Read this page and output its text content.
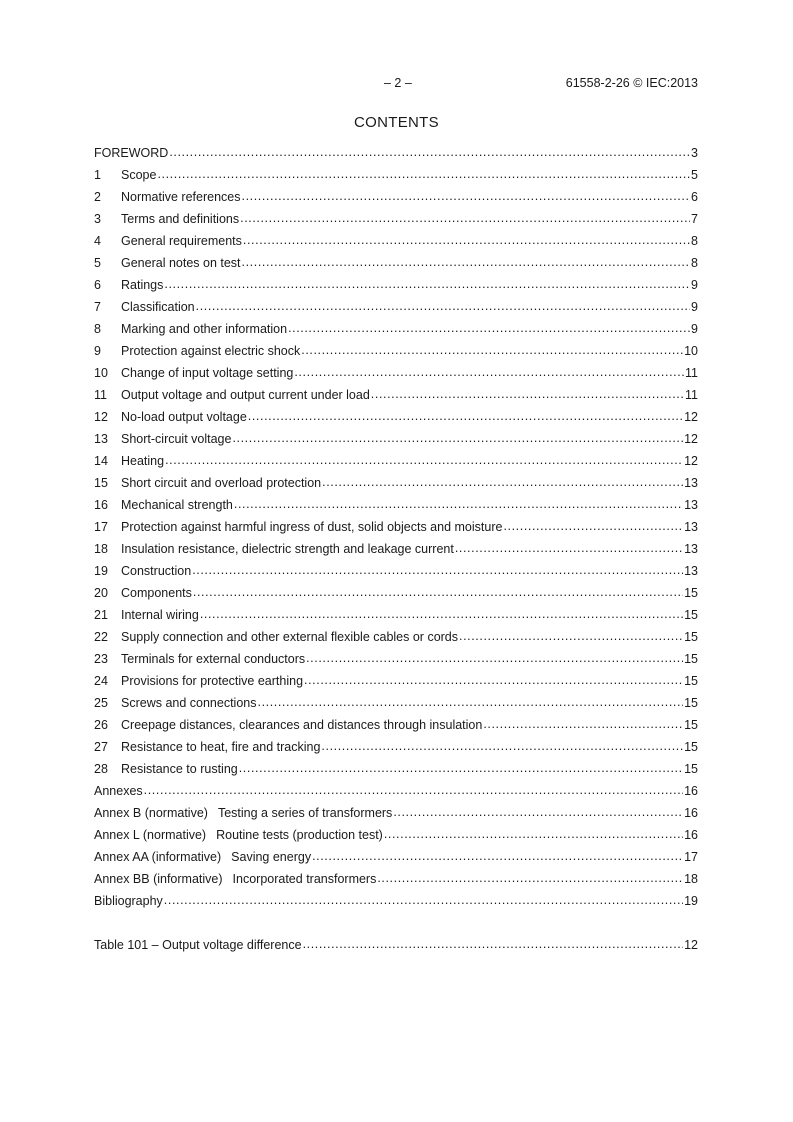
– 2 –	61558-2-26 © IEC:2013
CONTENTS
FOREWORD .....	3
1	Scope .....	5
2	Normative references .....	6
3	Terms and definitions .....	7
4	General requirements .....	8
5	General notes on test .....	8
6	Ratings .....	9
7	Classification .....	9
8	Marking and other information .....	9
9	Protection against electric shock .....	10
10	Change of input voltage setting .....	11
11	Output voltage and output current under load .....	11
12	No-load output voltage .....	12
13	Short-circuit voltage .....	12
14	Heating .....	12
15	Short circuit and overload protection .....	13
16	Mechanical strength .....	13
17	Protection against harmful ingress of dust, solid objects and moisture .....	13
18	Insulation resistance, dielectric strength and leakage current .....	13
19	Construction .....	13
20	Components .....	15
21	Internal wiring .....	15
22	Supply connection and other external flexible cables or cords .....	15
23	Terminals for external conductors .....	15
24	Provisions for protective earthing .....	15
25	Screws and connections .....	15
26	Creepage distances, clearances and distances through insulation .....	15
27	Resistance to heat, fire and tracking .....	15
28	Resistance to rusting .....	15
Annexes .....	16
Annex B (normative) Testing a series of transformers .....	16
Annex L (normative) Routine tests (production test) .....	16
Annex AA (informative) Saving energy .....	17
Annex BB (informative) Incorporated transformers .....	18
Bibliography .....	19
Table 101 – Output voltage difference .....	12
